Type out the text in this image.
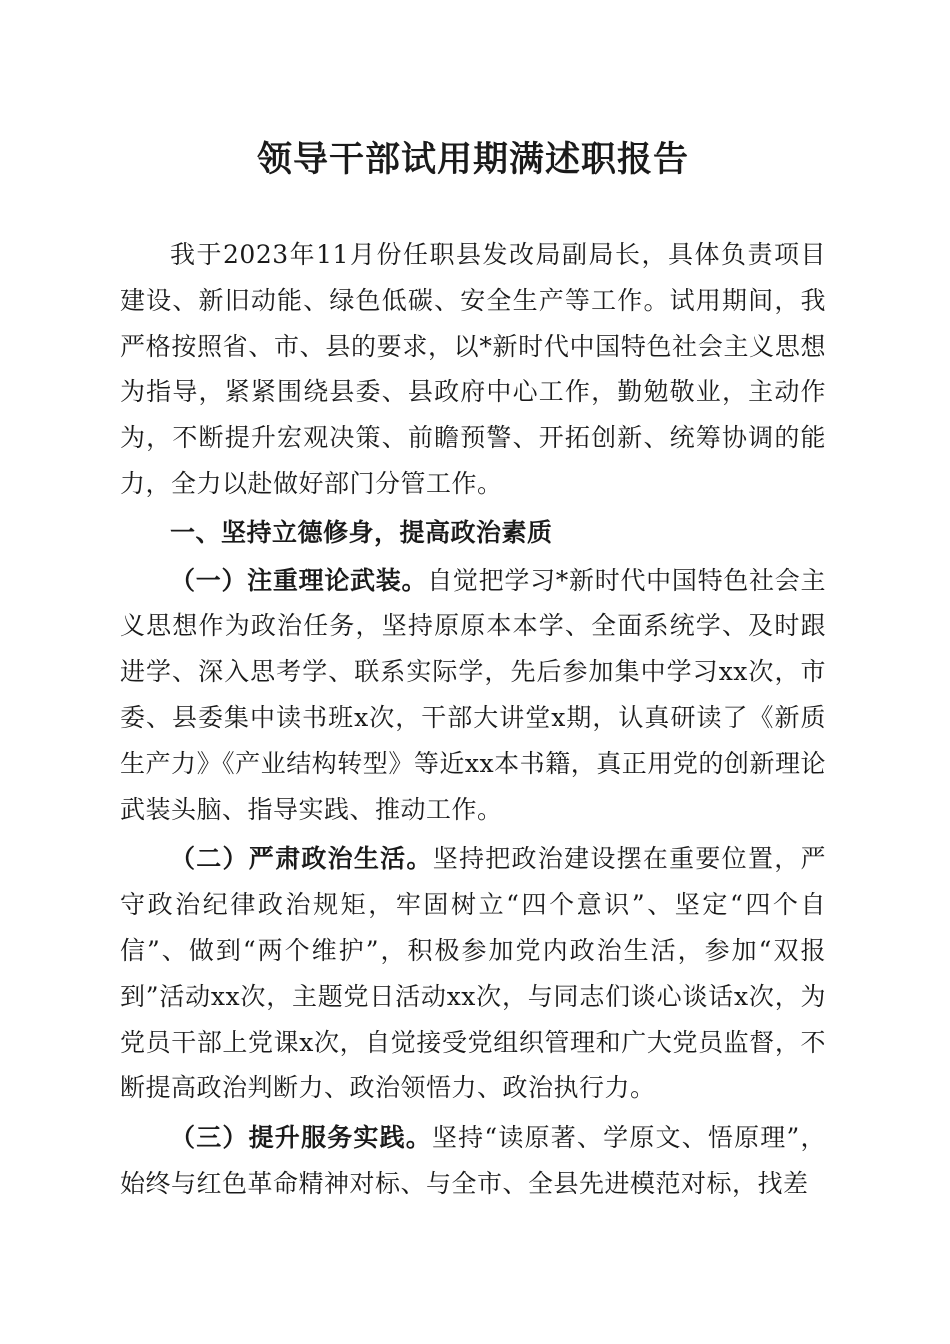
领导干部试用期满述职报告

我于2023年11月份任职县发改局副局长，具体负责项目建设、新旧动能、绿色低碳、安全生产等工作。试用期间，我严格按照省、市、县的要求，以*新时代中国特色社会主义思想为指导，紧紧围绕县委、县政府中心工作，勤勉敬业，主动作为，不断提升宏观决策、前瞻预警、开拓创新、统筹协调的能力，全力以赴做好部门分管工作。

一、坚持立德修身，提高政治素质

（一）注重理论武装。自觉把学习*新时代中国特色社会主义思想作为政治任务，坚持原原本本学、全面系统学、及时跟进学、深入思考学、联系实际学，先后参加集中学习xx次，市委、县委集中读书班x次，干部大讲堂x期，认真研读了《新质生产力》《产业结构转型》等近xx本书籍，真正用党的创新理论武装头脑、指导实践、推动工作。

（二）严肃政治生活。坚持把政治建设摆在重要位置，严守政治纪律政治规矩，牢固树立“四个意识”、坚定“四个自信”、做到“两个维护”，积极参加党内政治生活，参加“双报到”活动xx次，主题党日活动xx次，与同志们谈心谈话x次，为党员干部上党课x次，自觉接受党组织管理和广大党员监督，不断提高政治判断力、政治领悟力、政治执行力。

（三）提升服务实践。坚持“读原著、学原文、悟原理”，始终与红色革命精神对标、与全市、全县先进模范对标，找差
